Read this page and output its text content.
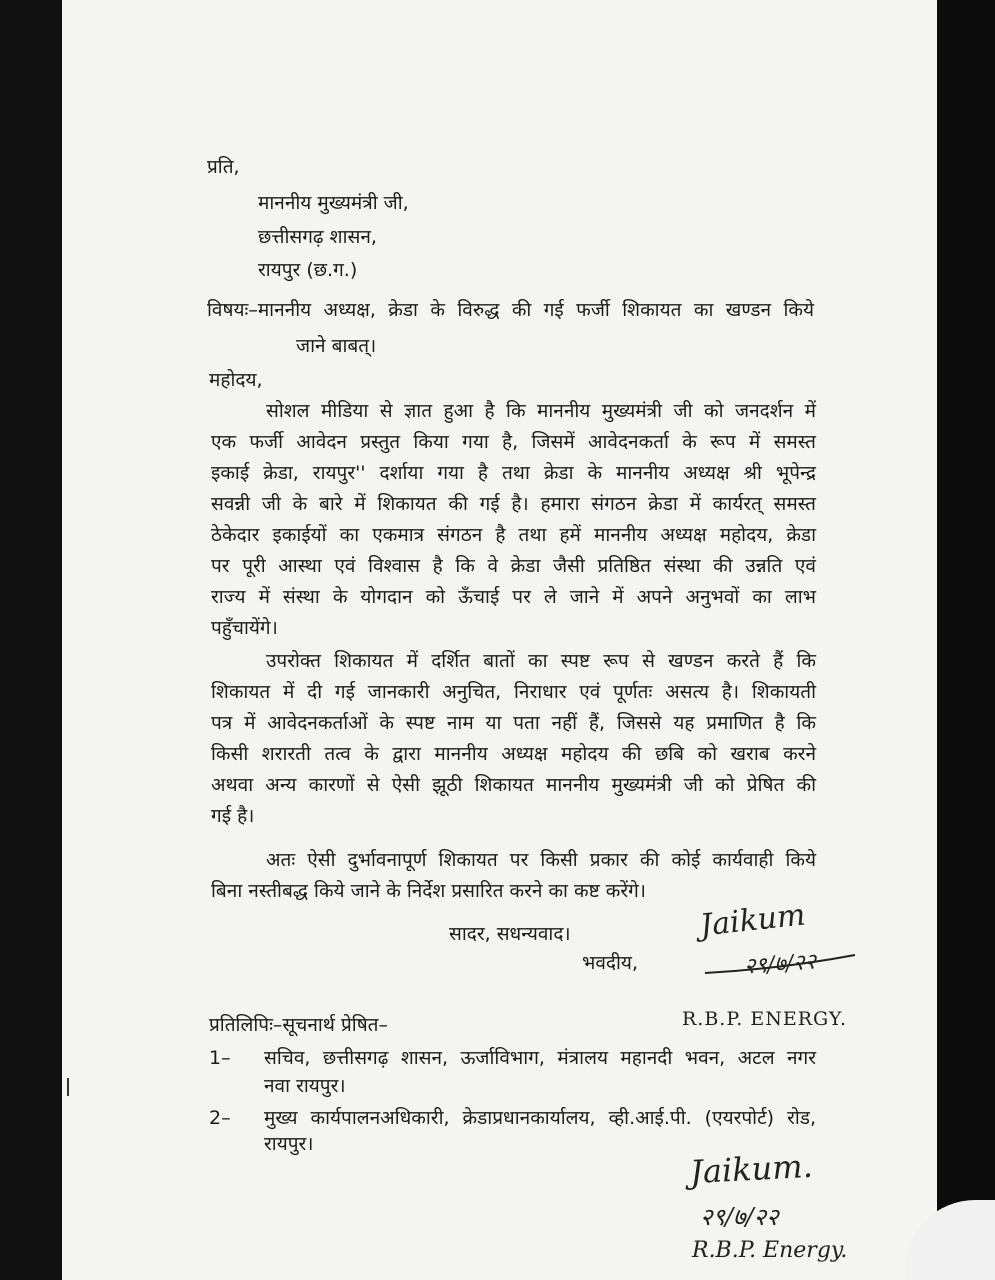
प्रति,
माननीय मुख्यमंत्री जी,
छत्तीसगढ़ शासन,
रायपुर (छ.ग.)
विषयः–माननीय अध्यक्ष, क्रेडा के विरुद्ध की गई फर्जी शिकायत का खण्डन किये
जाने बाबत्।
महोदय,
सोशल मीडिया से ज्ञात हुआ है कि माननीय मुख्यमंत्री जी को जनदर्शन में
एक फर्जी आवेदन प्रस्तुत किया गया है, जिसमें आवेदनकर्ता के रूप में समस्त
इकाई क्रेडा, रायपुर'' दर्शाया गया है तथा क्रेडा के माननीय अध्यक्ष श्री भूपेन्द्र
सवन्नी जी के बारे में शिकायत की गई है। हमारा संगठन क्रेडा में कार्यरत् समस्त
ठेकेदार इकाईयों का एकमात्र संगठन है तथा हमें माननीय अध्यक्ष महोदय, क्रेडा
पर पूरी आस्था एवं विश्वास है कि वे क्रेडा जैसी प्रतिष्ठित संस्था की उन्नति एवं
राज्य में संस्था के योगदान को ऊँचाई पर ले जाने में अपने अनुभवों का लाभ
पहुँचायेंगे।
उपरोक्त शिकायत में दर्शित बातों का स्पष्ट रूप से खण्डन करते हैं कि
शिकायत में दी गई जानकारी अनुचित, निराधार एवं पूर्णतः असत्य है। शिकायती
पत्र में आवेदनकर्ताओं के स्पष्ट नाम या पता नहीं हैं, जिससे यह प्रमाणित है कि
किसी शरारती तत्व के द्वारा माननीय अध्यक्ष महोदय की छबि को खराब करने
अथवा अन्य कारणों से ऐसी झूठी शिकायत माननीय मुख्यमंत्री जी को प्रेषित की
गई है।
अतः ऐसी दुर्भावनापूर्ण शिकायत पर किसी प्रकार की कोई कार्यवाही किये
बिना नस्तीबद्ध किये जाने के निर्देश प्रसारित करने का कष्ट करेंगे।
सादर, सधन्यवाद।
भवदीय,
Jaikum
२९/७/२२
R.B.P. ENERGY.
प्रतिलिपिः–सूचनार्थ प्रेषित–
1– सचिव, छत्तीसगढ़ शासन, ऊर्जाविभाग, मंत्रालय महानदी भवन, अटल नगर
नवा रायपुर।
2– मुख्य कार्यपालनअधिकारी, क्रेडाप्रधानकार्यालय, व्ही.आई.पी. (एयरपोर्ट) रोड,
रायपुर।
Jaikum.
२९/७/२२
R.B.P. Energy.
